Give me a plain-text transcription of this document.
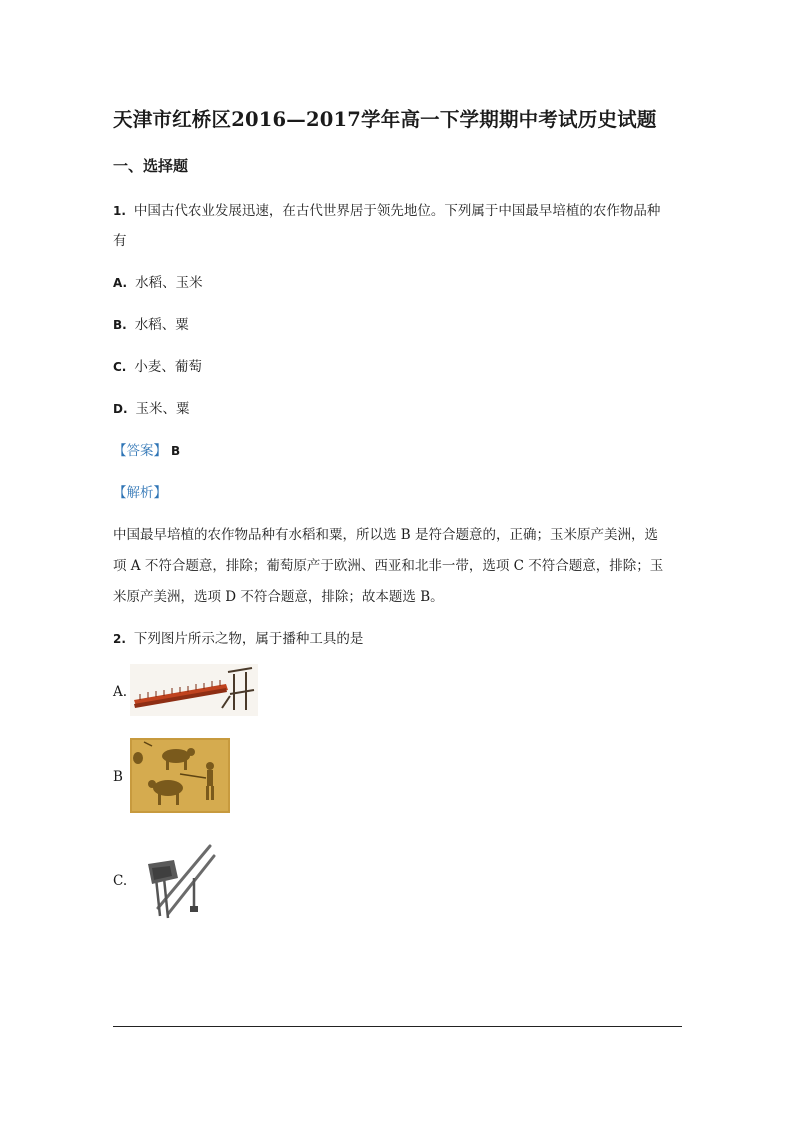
天津市红桥区2016—2017学年高一下学期期中考试历史试题
一、选择题
1. 中国古代农业发展迅速，在古代世界居于领先地位。下列属于中国最早培植的农作物品种
有
A. 水稻、玉米
B. 水稻、粟
C. 小麦、葡萄
D. 玉米、粟
【答案】 B
【解析】
中国最早培植的农作物品种有水稻和粟，所以选 B 是符合题意的，正确；玉米原产美洲，选
项 A 不符合题意，排除；葡萄原产于欧洲、西亚和北非一带，选项 C 不符合题意，排除；玉
米原产美洲，选项 D 不符合题意，排除；故本题选 B。
2. 下列图片所示之物，属于播种工具的是
A.
B
C.
